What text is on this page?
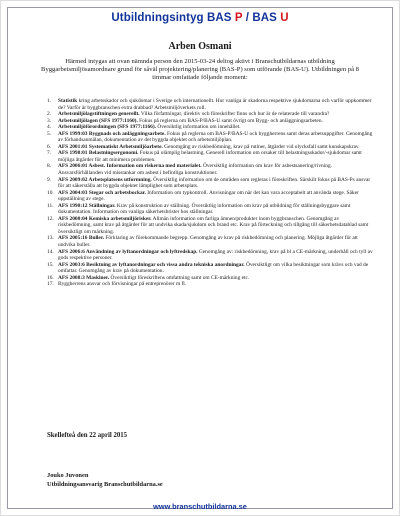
Utbildningsintyg BAS P / BAS U
Arben Osmani
Härmed intygas att ovan nämnda person den 2015-03-24 deltog aktivt i Branschutbildarnas utbildning Byggarbetsmiljösamordnare grund för såväl projektering/planering (BAS-P) som utförande (BAS-U). Utbildningen på 8 timmar omfattade följande moment:
1. Statistik kring arbetsskador och sjukdomar i Sverige och internationellt. Hur vanliga är skadorna respektive sjukdomarna och varför uppkommer de? Varför är byggbranschen extra drabbad? Arbetsmiljöverkets roll.
2. Arbetsmiljölagstiftningen generellt. Vilka författningar, direktiv och föreskrifter finns och hur är de relaterade till varandra?
3. Arbetsmiljölagen (SFS 1977:1160). Fokus på reglerna om BAS-P/BAS-U samt övrigt om Bygg- och anläggningsarbeten.
4. Arbetsmiljöförordningen (SFS 1977:1166). Översiktlig information om innehållet.
5. AFS 1999:03 Byggnads och anläggningsarbete. Fokus på reglerna om BAS-P/BAS-U och byggherrens samt deras arbetsuppgifter. Genomgång av förhandsanmälan, dokumentation av det byggda objektet och arbetsmiljöplan.
6. AFS 2001:01 Systematiskt Arbetsmiljöarbete. Genomgång av riskbedömning, krav på rutiner, åtgärder vid olycksfall samt kunskapskrav.
7. AFS 1998:01 Belastningsergonomi. Fokus på olämplig belastning. Generell information om orsaker till belastningsskador/-sjukdomar samt möjliga åtgärder för att minimera problemen.
8. AFS 2006:01 Asbest. Information om riskerna med materialet. Översiktlig information om krav för asbestsanering/rivning. Ansvarsförhållanden vid misstankar om asbest i befintliga konstruktioner.
9. AFS 2009:02 Arbetsplatsens utformning. Översiktlig information om de områden som regleras i föreskriften. Särskilt fokus på BAS-Ps ansvar för att säkerställa att byggda objektet lämplighet som arbetsplats.
10. AFS 2004:03 Stegar och arbetsbockar. Information om typkontroll. Anvisningar om när det kan vara acceptabelt att använda stege. Säker uppställning av stege.
11. AFS 1990:12 Ställningar. Krav på konstruktion av ställning. Översiktlig information om krav på utbildning för ställningsbyggare samt dokumentation. Information om vanliga säkerhetsbrister hos ställningar.
12. AFS 2000:04 Kemiska arbetsmiljörisker. Allmän information om farliga ämnen/produkter inom byggbranschen. Genomgång av riskbedömning, samt krav på åtgärder för att undvika skada/sjukdom och brand etc. Krav på förteckning och tillgång till säkerhetsdatablad samt översiktligt om märkning.
13. AFS 2005:16 Buller. Förklaring av förekommande begrepp. Genomgång av krav på riskbedömning och planering. Möjliga åtgärder för att undvika buller.
14. AFS 2006:6 Användning av lyftanordningar och lyftredskap. Genomgång av: riskbedömning, krav på bl a CE-märkning, underhåll och tyll av gods respektive personer.
15. AFS 2003:6 Besiktning av lyftanordningar och vissa andra tekniska anordningar. Översiktligt om vilka besiktningar som krävs och vad de omfattar. Genomgång av krav på dokumentation.
16. AFS 2008:3 Maskiner. Översiktligt föreskriftens omfattning samt om CE-märkning etc.
17. Byggherrens ansvar och förvisningar på entreprenörer m fl.
Skellefteå den 22 april 2015
Jouko Juvonen
Utbildningsansvarig Branschutbildarna.se
www.branschutbildarna.se
